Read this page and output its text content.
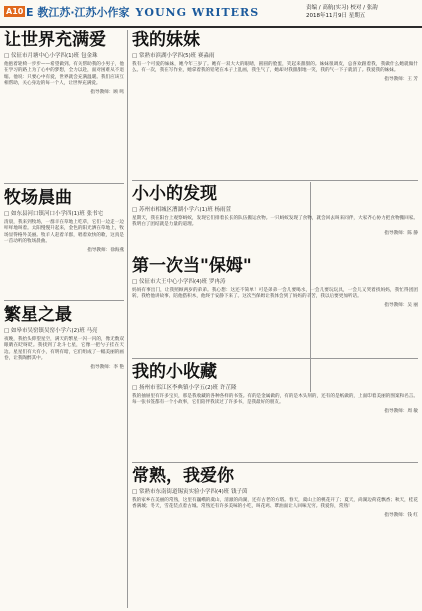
A10 E 教江苏·江苏小作家 YOUNG WRITERS	责编 / 高航(实习) 校对 / 张韵
2018年11月9日 星期五
让世界充满爱
□ 仪征市月塘中心小学四(1)班 包金珠
他抱着轮椅一步步——希望做到。有关帮助我的小男子，他在学习的路上为了心中的梦想，全力以赴，面对困难从不退缩。他说：只要心中有爱，世界就会充满温暖。我们应该互相帮助，关心身边的每一个人，让世界充满爱。
指导教师：顾 鸣
牧场晨曲
□ 如东县河口镇河口小学四(1)班 张书宅
清晨，我来到牧场，一群羊在草地上吃草，它们一边走一边咩咩地叫着。太阳慢慢升起来，金色的阳光洒在草地上，牧场显得格外美丽。牧羊人赶着羊群，唱着欢快的歌，这真是一首动听的牧场晨曲。
指导教师：徐海燕
繁星之最
□ 如皋市吴窑镇吴窑小学六(2)班 马亮
夜晚，我抬头仰望星空，满天的繁星一闪一闪的，像无数双眼睛在眨呀眨。我找到了北斗七星，它像一把勺子挂在天边。星星们有大有小，有明有暗，它们组成了一幅美丽的画卷，让我陶醉其中。
指导教师：李 艳
我的妹妹
□ 常熟市滨湖小学四(5)班 赛淼雨
我有一个可爱的妹妹，她今年三岁了。她有一双大大的眼睛，圆圆的脸蛋，笑起来甜甜的。妹妹很调皮，总喜欢跟着我，我做什么她就做什么。有一次，我在写作业，她拿着我的铅笔在本子上乱画，我生气了，她却对我甜甜地一笑，我的气一下子就消了。我爱我的妹妹。
指导教师：王 芳
小小的发现
□ 苏州市相城区漕湖小学六(1)班 杨雨萱
星期天，我在阳台上观察蚂蚁，发现它们排着长长的队伍搬运食物。一只蚂蚁发现了食物，就会回去叫来同伴，大家齐心协力把食物搬回家。我明白了团结就是力量的道理。
指导教师：陈 静
第一次当"保姆"
□ 仪征市大王中心小学四(4)班 罗冉涛
妈妈有事出门，让我照顾两岁的弟弟。我心想：这还不简单！可是弟弟一会儿要喝水，一会儿要玩玩具，一会儿又哭着找妈妈，我忙得团团转。我给他讲故事、陪他搭积木，他终于安静下来了。这次当保姆让我体会到了妈妈的辛苦，我以后要更加听话。
指导教师：吴 丽
我的小收藏
□ 扬州市邗江区李典镇小学五(2)班 许芷隆
我的抽屉里有许多宝贝，那是我收藏的各种各样的书签。有的是金属做的，有的是木头刻的，还有的是纸做的，上面印着美丽的图案和名言。每一张书签都有一个小故事，它们陪伴我读过了许多书，是我最好的朋友。
指导教师：周 敏
常熟，我爱你
□ 常熟市东南街道锡寅实验小学四(4)班 钱子茵
我的家乡在美丽的常熟，这里有巍峨的虞山，清澈的尚湖，还有古老的方塔。春天，虞山上的桃花开了；夏天，尚湖边荷花飘香；秋天，桂花香满城；冬天，雪花装点着古城。常熟还有许多美味的小吃，叫花鸡、蕈油面让人回味无穷。我爱你，常熟！
指导教师：钱 红
